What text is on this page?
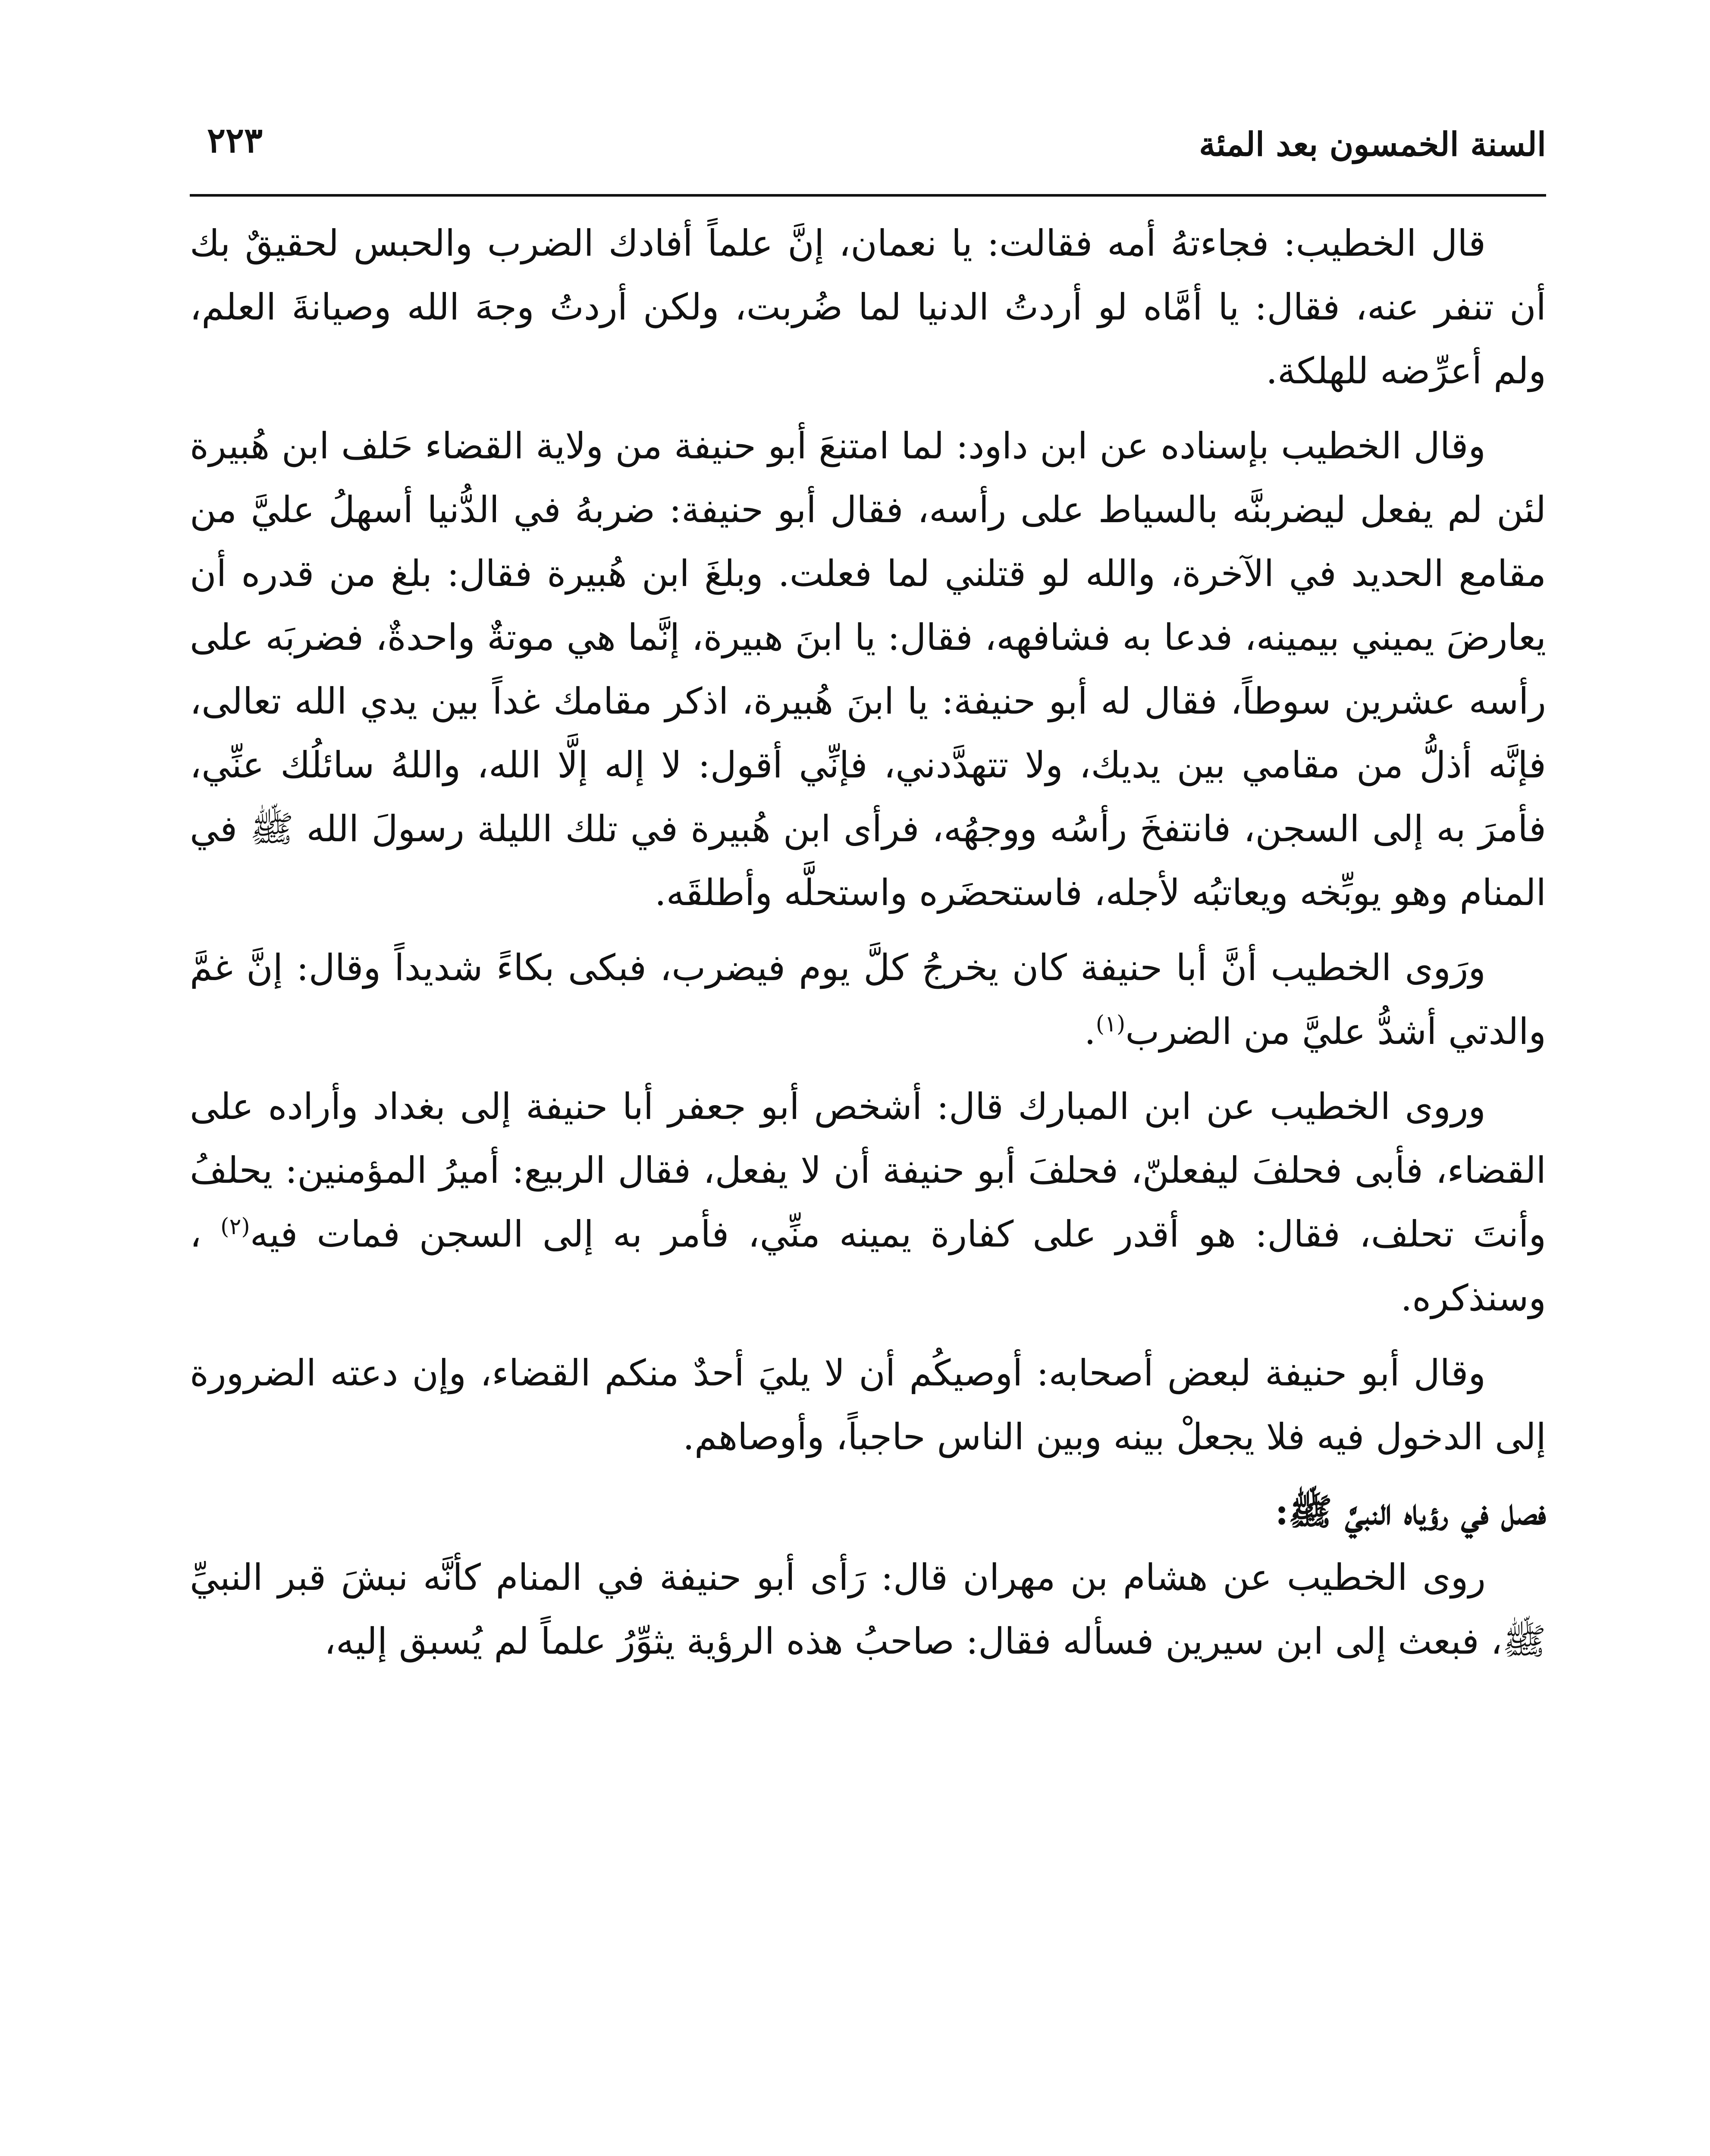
السنة الخمسون بعد المئة
٢٢٣

قال الخطيب: فجاءتهُ أمه فقالت: يا نعمان، إنَّ علماً أفادك الضرب والحبس لحقيقٌ بك أن تنفر عنه، فقال: يا أمَّاه لو أردتُ الدنيا لما ضُربت، ولكن أردتُ وجهَ الله وصيانةَ العلم، ولم أعرِّضه للهلكة.

وقال الخطيب بإسناده عن ابن داود: لما امتنعَ أبو حنيفة من ولاية القضاء حَلف ابن هُبيرة لئن لم يفعل ليضربنَّه بالسياط على رأسه، فقال أبو حنيفة: ضربهُ في الدُّنيا أسهلُ عليَّ من مقامع الحديد في الآخرة، والله لو قتلني لما فعلت. وبلغَ ابن هُبيرة فقال: بلغ من قدره أن يعارضَ يميني بيمينه، فدعا به فشافهه، فقال: يا ابنَ هبيرة، إنَّما هي موتةٌ واحدةٌ، فضربَه على رأسه عشرين سوطاً، فقال له أبو حنيفة: يا ابنَ هُبيرة، اذكر مقامك غداً بين يدي الله تعالى، فإنَّه أذلُّ من مقامي بين يديك، ولا تتهدَّدني، فإنِّي أقول: لا إله إلَّا الله، واللهُ سائلُك عنِّي، فأمرَ به إلى السجن، فانتفخَ رأسُه ووجهُه، فرأى ابن هُبيرة في تلك الليلة رسولَ الله ﷺ في المنام وهو يوبِّخه ويعاتبُه لأجله، فاستحضَره واستحلَّه وأطلقَه.

ورَوى الخطيب أنَّ أبا حنيفة كان يخرجُ كلَّ يوم فيضرب، فبكى بكاءً شديداً وقال: إنَّ غمَّ والدتي أشدُّ عليَّ من الضرب$^{(١)}$.

وروى الخطيب عن ابن المبارك قال: أشخص أبو جعفر أبا حنيفة إلى بغداد وأراده على القضاء، فأبى فحلفَ ليفعلنّ، فحلفَ أبو حنيفة أن لا يفعل، فقال الربيع: أميرُ المؤمنين: يحلفُ وأنتَ تحلف، فقال: هو أقدر على كفارة يمينه منِّي، فأمر به إلى السجن فمات فيه$^{(٢)}$ ، وسنذكره.

وقال أبو حنيفة لبعض أصحابه: أوصيكُم أن لا يليَ أحدٌ منكم القضاء، وإن دعته الضرورة إلى الدخول فيه فلا يجعلْ بينه وبين الناس حاجباً، وأوصاهم.

فصل في رؤياه النبيَّ ﷺ:

روى الخطيب عن هشام بن مهران قال: رَأى أبو حنيفة في المنام كأنَّه نبشَ قبر النبيِّ ﷺ، فبعث إلى ابن سيرين فسأله فقال: صاحبُ هذه الرؤية يثوِّرُ علماً لم يُسبق إليه،
